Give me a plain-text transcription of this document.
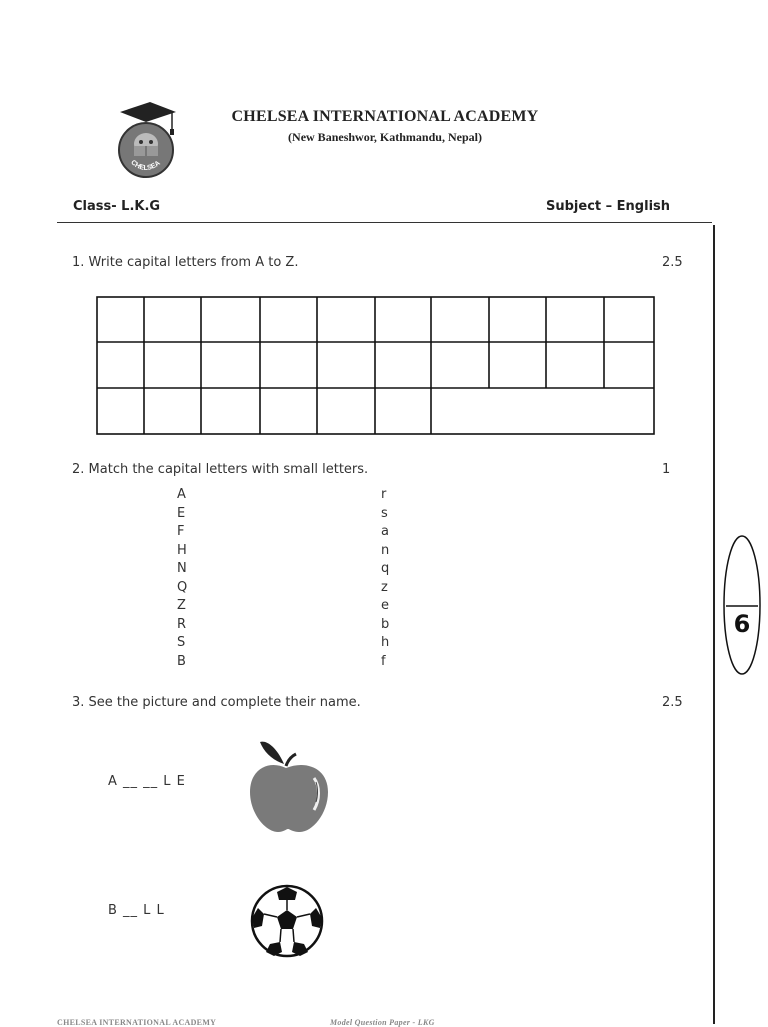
CHELSEA
CHELSEA INTERNATIONAL ACADEMY
(New Baneshwor, Kathmandu, Nepal)
Class- L.K.G	Subject – English
1. Write capital letters from A to Z.	2.5
2. Match the capital letters with small letters.	1
A
E
F
H
N
Q
Z
R
S
B
r
s
a
n
q
z
e
b
h
f
6
3. See the picture and complete their name.	2.5
A __ __ L E
B __ L L
CHELSEA INTERNATIONAL ACADEMY	Model Question Paper - LKG
